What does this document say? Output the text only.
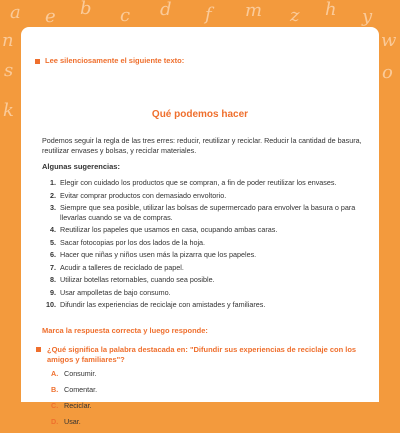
a e b c d f m z h y
n
s
k
w
o
Lee silenciosamente el siguiente texto:
Qué podemos hacer
Podemos seguir la regla de las tres erres: reducir, reutilizar y reciclar. Reducir la cantidad de basura, reutilizar envases y bolsas, y reciclar materiales.
Algunas sugerencias:
1. Elegir con cuidado los productos que se compran, a fin de poder reutilizar los envases.
2. Evitar comprar productos con demasiado envoltorio.
3. Siempre que sea posible, utilizar las bolsas de supermercado para envolver la basura o para llevarlas cuando se va de compras.
4. Reutilizar los papeles que usamos en casa, ocupando ambas caras.
5. Sacar fotocopias por los dos lados de la hoja.
6. Hacer que niñas y niños usen más la pizarra que los papeles.
7. Acudir a talleres de reciclado de papel.
8. Utilizar botellas retornables, cuando sea posible.
9. Usar ampolletas de bajo consumo.
10. Difundir las experiencias de reciclaje con amistades y familiares.
Marca la respuesta correcta y luego responde:
¿Qué significa la palabra destacada en: "Difundir sus experiencias de reciclaje con los amigos y familiares"?
A. Consumir.
B. Comentar.
C. Reciclar.
D. Usar.
